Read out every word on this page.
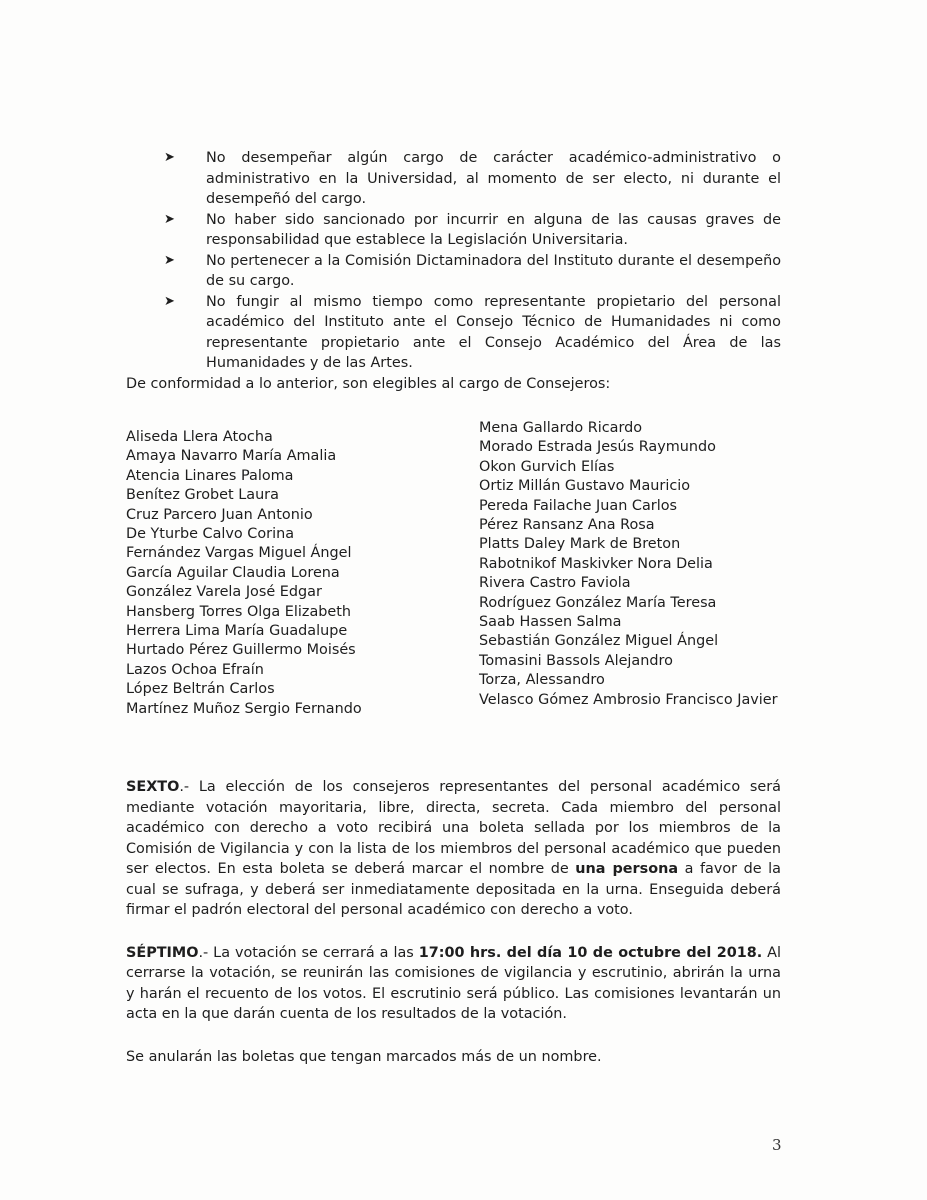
➤ No desempeñar algún cargo de carácter académico-administrativo o administrativo en la Universidad, al momento de ser electo, ni durante el desempeñó del cargo.
➤ No haber sido sancionado por incurrir en alguna de las causas graves de responsabilidad que establece la Legislación Universitaria.
➤ No pertenecer a la Comisión Dictaminadora del Instituto durante el desempeño de su cargo.
➤ No fungir al mismo tiempo como representante propietario del personal académico del Instituto ante el Consejo Técnico de Humanidades ni como representante propietario ante el Consejo Académico del Área de las Humanidades y de las Artes.

De conformidad a lo anterior, son elegibles al cargo de Consejeros:

Aliseda Llera Atocha
Amaya Navarro María Amalia
Atencia Linares Paloma
Benítez Grobet Laura
Cruz Parcero Juan Antonio
De Yturbe Calvo Corina
Fernández Vargas Miguel Ángel
García Aguilar Claudia Lorena
González Varela José Edgar
Hansberg Torres Olga Elizabeth
Herrera Lima María Guadalupe
Hurtado Pérez Guillermo Moisés
Lazos Ochoa Efraín
López Beltrán Carlos
Martínez Muñoz Sergio Fernando
Mena Gallardo Ricardo
Morado Estrada Jesús Raymundo
Okon Gurvich Elías
Ortiz Millán Gustavo Mauricio
Pereda Failache Juan Carlos
Pérez Ransanz Ana Rosa
Platts Daley Mark de Breton
Rabotnikof Maskivker Nora Delia
Rivera Castro Faviola
Rodríguez González María Teresa
Saab Hassen Salma
Sebastián González Miguel Ángel
Tomasini Bassols Alejandro
Torza, Alessandro
Velasco Gómez Ambrosio Francisco Javier

SEXTO.- La elección de los consejeros representantes del personal académico será mediante votación mayoritaria, libre, directa, secreta. Cada miembro del personal académico con derecho a voto recibirá una boleta sellada por los miembros de la Comisión de Vigilancia y con la lista de los miembros del personal académico que pueden ser electos. En esta boleta se deberá marcar el nombre de una persona a favor de la cual se sufraga, y deberá ser inmediatamente depositada en la urna. Enseguida deberá firmar el padrón electoral del personal académico con derecho a voto.

SÉPTIMO.- La votación se cerrará a las 17:00 hrs. del día 10 de octubre del 2018. Al cerrarse la votación, se reunirán las comisiones de vigilancia y escrutinio, abrirán la urna y harán el recuento de los votos. El escrutinio será público. Las comisiones levantarán un acta en la que darán cuenta de los resultados de la votación.

Se anularán las boletas que tengan marcados más de un nombre.

3
